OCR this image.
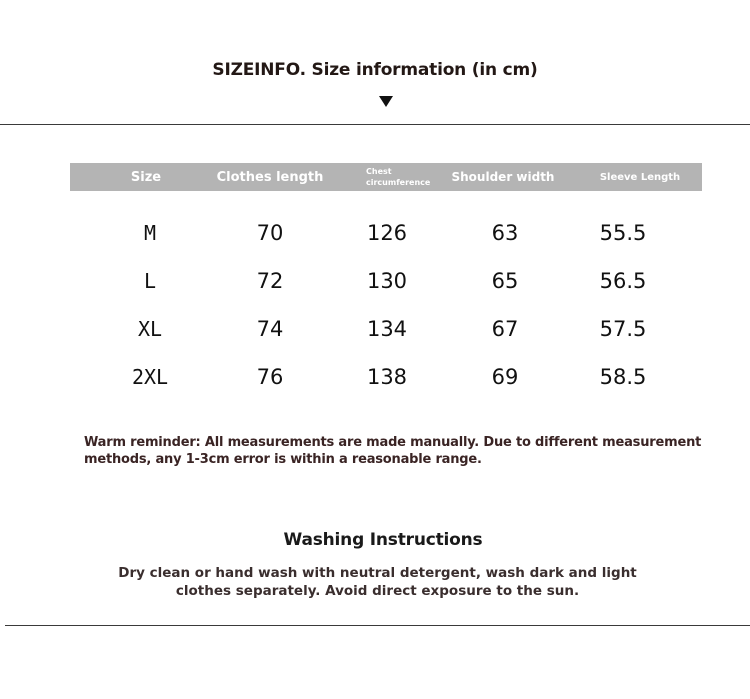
SIZEINFO. Size information (in cm)
Size	Clothes length	Chest circumference	Shoulder width	Sleeve Length
M	70	126	63	55.5
L	72	130	65	56.5
XL	74	134	67	57.5
2XL	76	138	69	58.5
Warm reminder: All measurements are made manually. Due to different measurement methods, any 1-3cm error is within a reasonable range.
Washing Instructions
Dry clean or hand wash with neutral detergent, wash dark and light clothes separately. Avoid direct exposure to the sun.
